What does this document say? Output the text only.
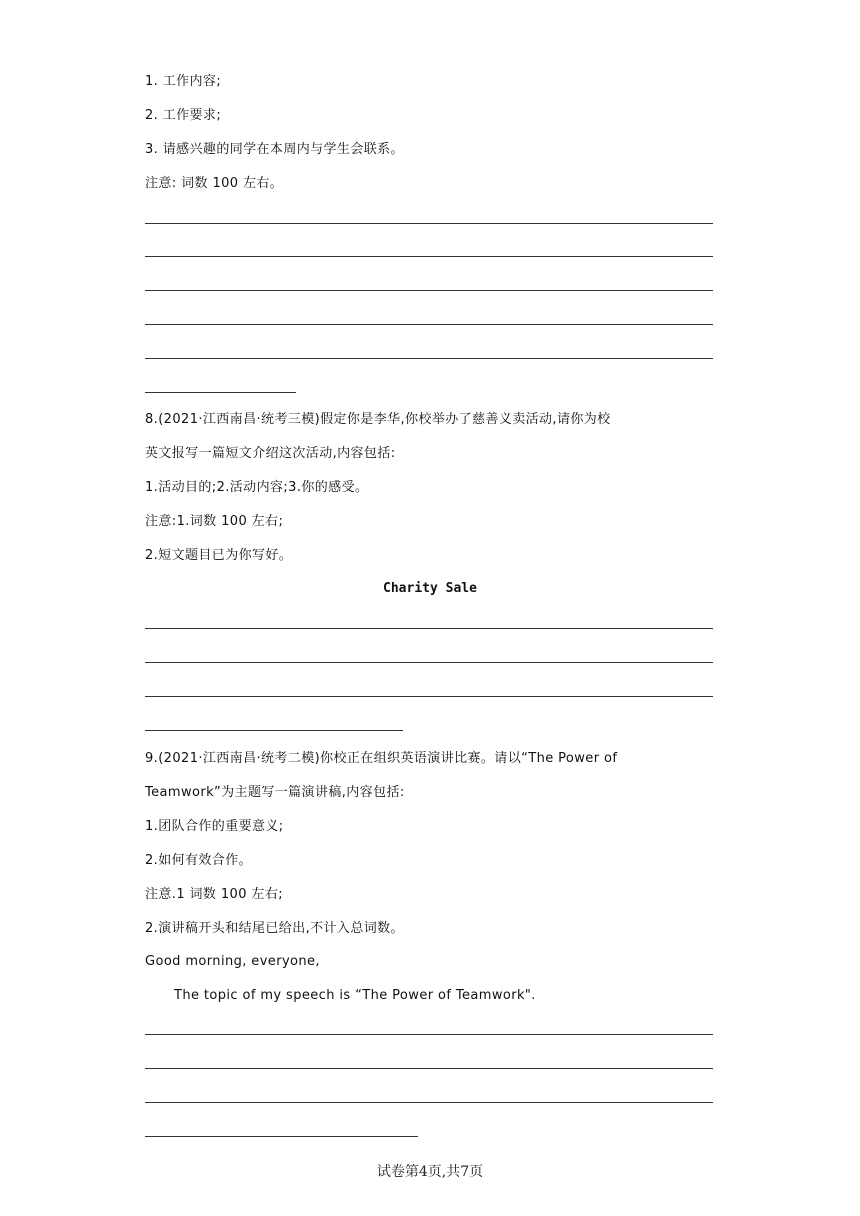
1. 工作内容;
2. 工作要求;
3. 请感兴趣的同学在本周内与学生会联系。
注意: 词数 100 左右。
8.(2021·江西南昌·统考三模)假定你是李华,你校举办了慈善义卖活动,请你为校
英文报写一篇短文介绍这次活动,内容包括:
1.活动目的;2.活动内容;3.你的感受。
注意:1.词数 100 左右;
2.短文题目已为你写好。
Charity Sale
9.(2021·江西南昌·统考二模)你校正在组织英语演讲比赛。请以“The Power of
Teamwork”为主题写一篇演讲稿,内容包括:
1.团队合作的重要意义;
2.如何有效合作。
注意.1 词数 100 左右;
2.演讲稿开头和结尾已给出,不计入总词数。
Good morning, everyone,
The topic of my speech is “The Power of Teamwork".
试卷第4页,共7页
